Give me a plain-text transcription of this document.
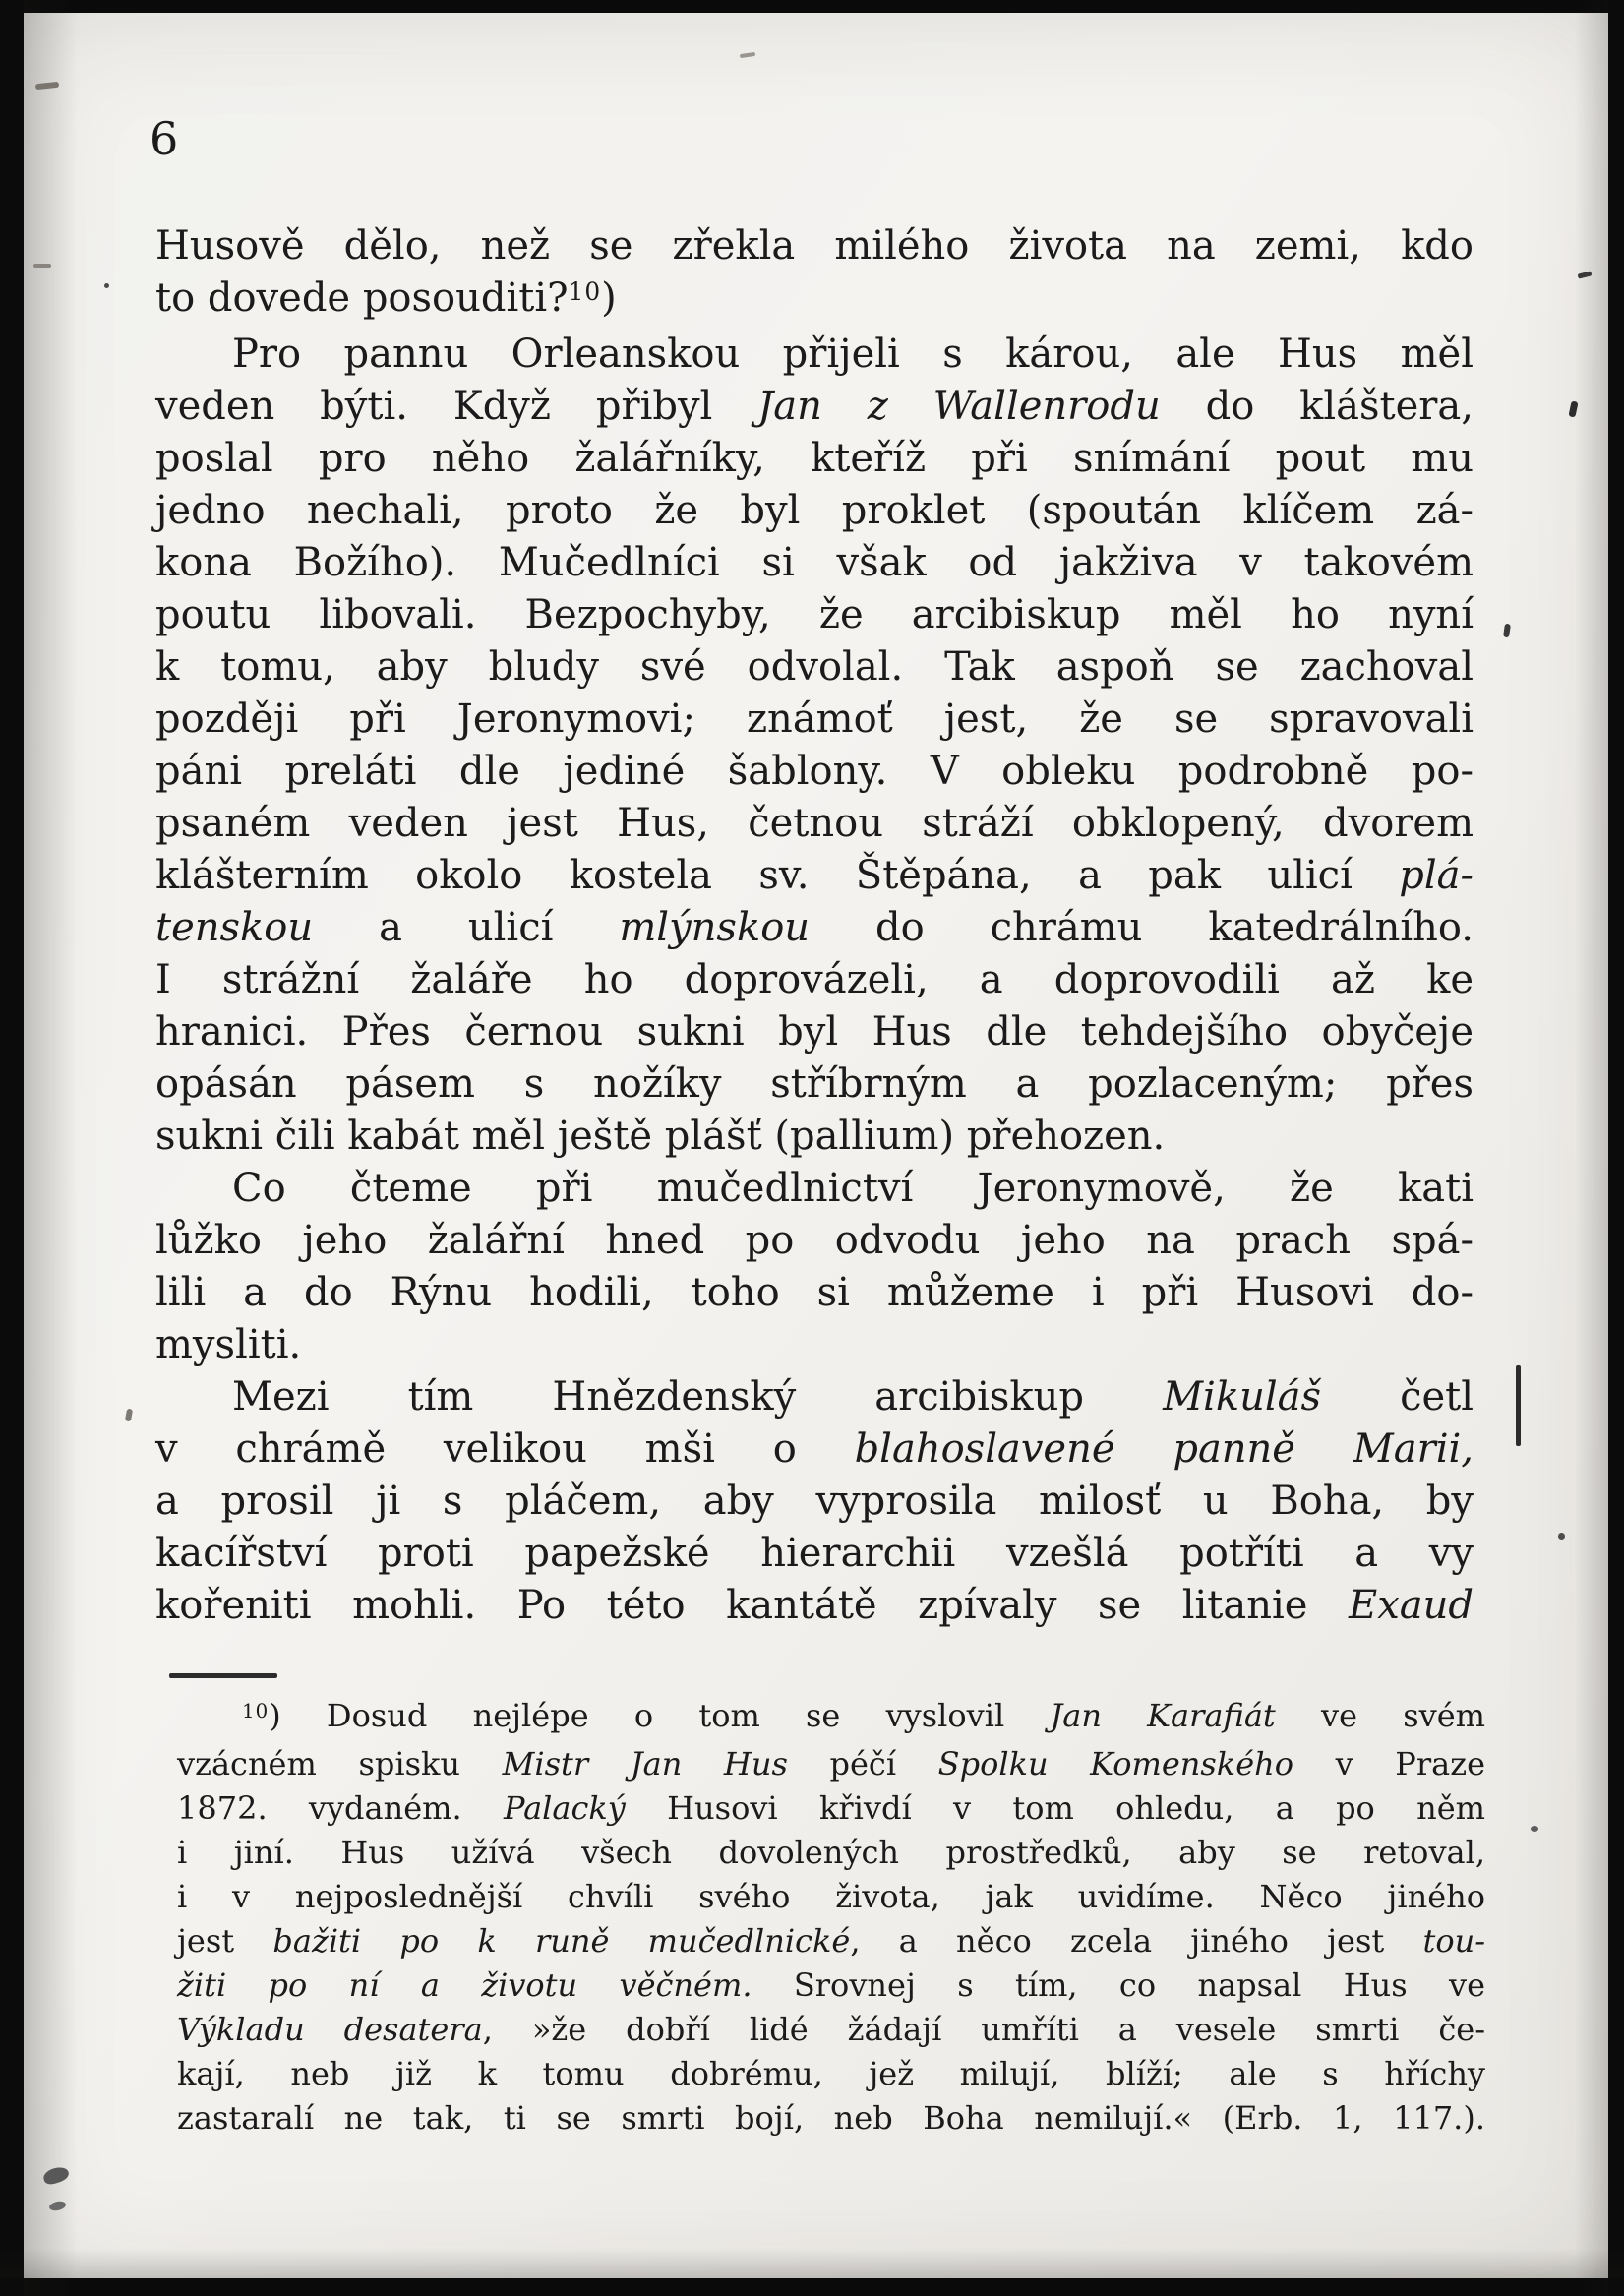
6
Husově dělo, než se zřekla milého života na zemi, kdo
to dovede posouditi?$^{10}$)
Pro pannu Orleanskou přijeli s károu, ale Hus měl
veden býti. Když přibyl Jan z Wallenrodu do kláštera,
poslal pro něho žalářníky, kteříž při snímání pout mu
jedno nechali, proto že byl proklet (spoután klíčem zá-
kona Božího). Mučedlníci si však od jakživa v takovém
poutu libovali. Bezpochyby, že arcibiskup měl ho nyní
k tomu, aby bludy své odvolal. Tak aspoň se zachoval
později při Jeronymovi; známoť jest, že se spravovali
páni preláti dle jediné šablony. V obleku podrobně po-
psaném veden jest Hus, četnou stráží obklopený, dvorem
klášterním okolo kostela sv. Štěpána, a pak ulicí plá-
tenskou a ulicí mlýnskou do chrámu katedrálního.
I strážní žaláře ho doprovázeli, a doprovodili až ke
hranici. Přes černou sukni byl Hus dle tehdejšího obyčeje
opásán pásem s nožíky stříbrným a pozlaceným; přes
sukni čili kabát měl ještě plášť (pallium) přehozen.
Co čteme při mučedlnictví Jeronymově, že kati
lůžko jeho žalářní hned po odvodu jeho na prach spá-
lili a do Rýnu hodili, toho si můžeme i při Husovi do-
mysliti.
Mezi tím Hnězdenský arcibiskup Mikuláš četl
v chrámě velikou mši o blahoslavené panně Marii,
a prosil ji s pláčem, aby vyprosila milosť u Boha, by
kacířství proti papežské hierarchii vzešlá potříti a vy
kořeniti mohli. Po této kantátě zpívaly se litanie Exaud
$^{10}$) Dosud nejlépe o tom se vyslovil Jan Karafiát ve svém
vzácném spisku Mistr Jan Hus péčí Spolku Komenského v Praze
1872. vydaném. Palacký Husovi křivdí v tom ohledu, a po něm
i jiní. Hus užívá všech dovolených prostředků, aby se retoval,
i v nejposlednější chvíli svého života, jak uvidíme. Něco jiného
jest bažiti po k runě mučedlnické, a něco zcela jiného jest tou-
žiti po ní a životu věčném. Srovnej s tím, co napsal Hus ve
Výkladu desatera, »že dobří lidé žádají umříti a vesele smrti če-
kají, neb již k tomu dobrému, jež milují, blíží; ale s hříchy
zastaralí ne tak, ti se smrti bojí, neb Boha nemilují.« (Erb. 1, 117.).
